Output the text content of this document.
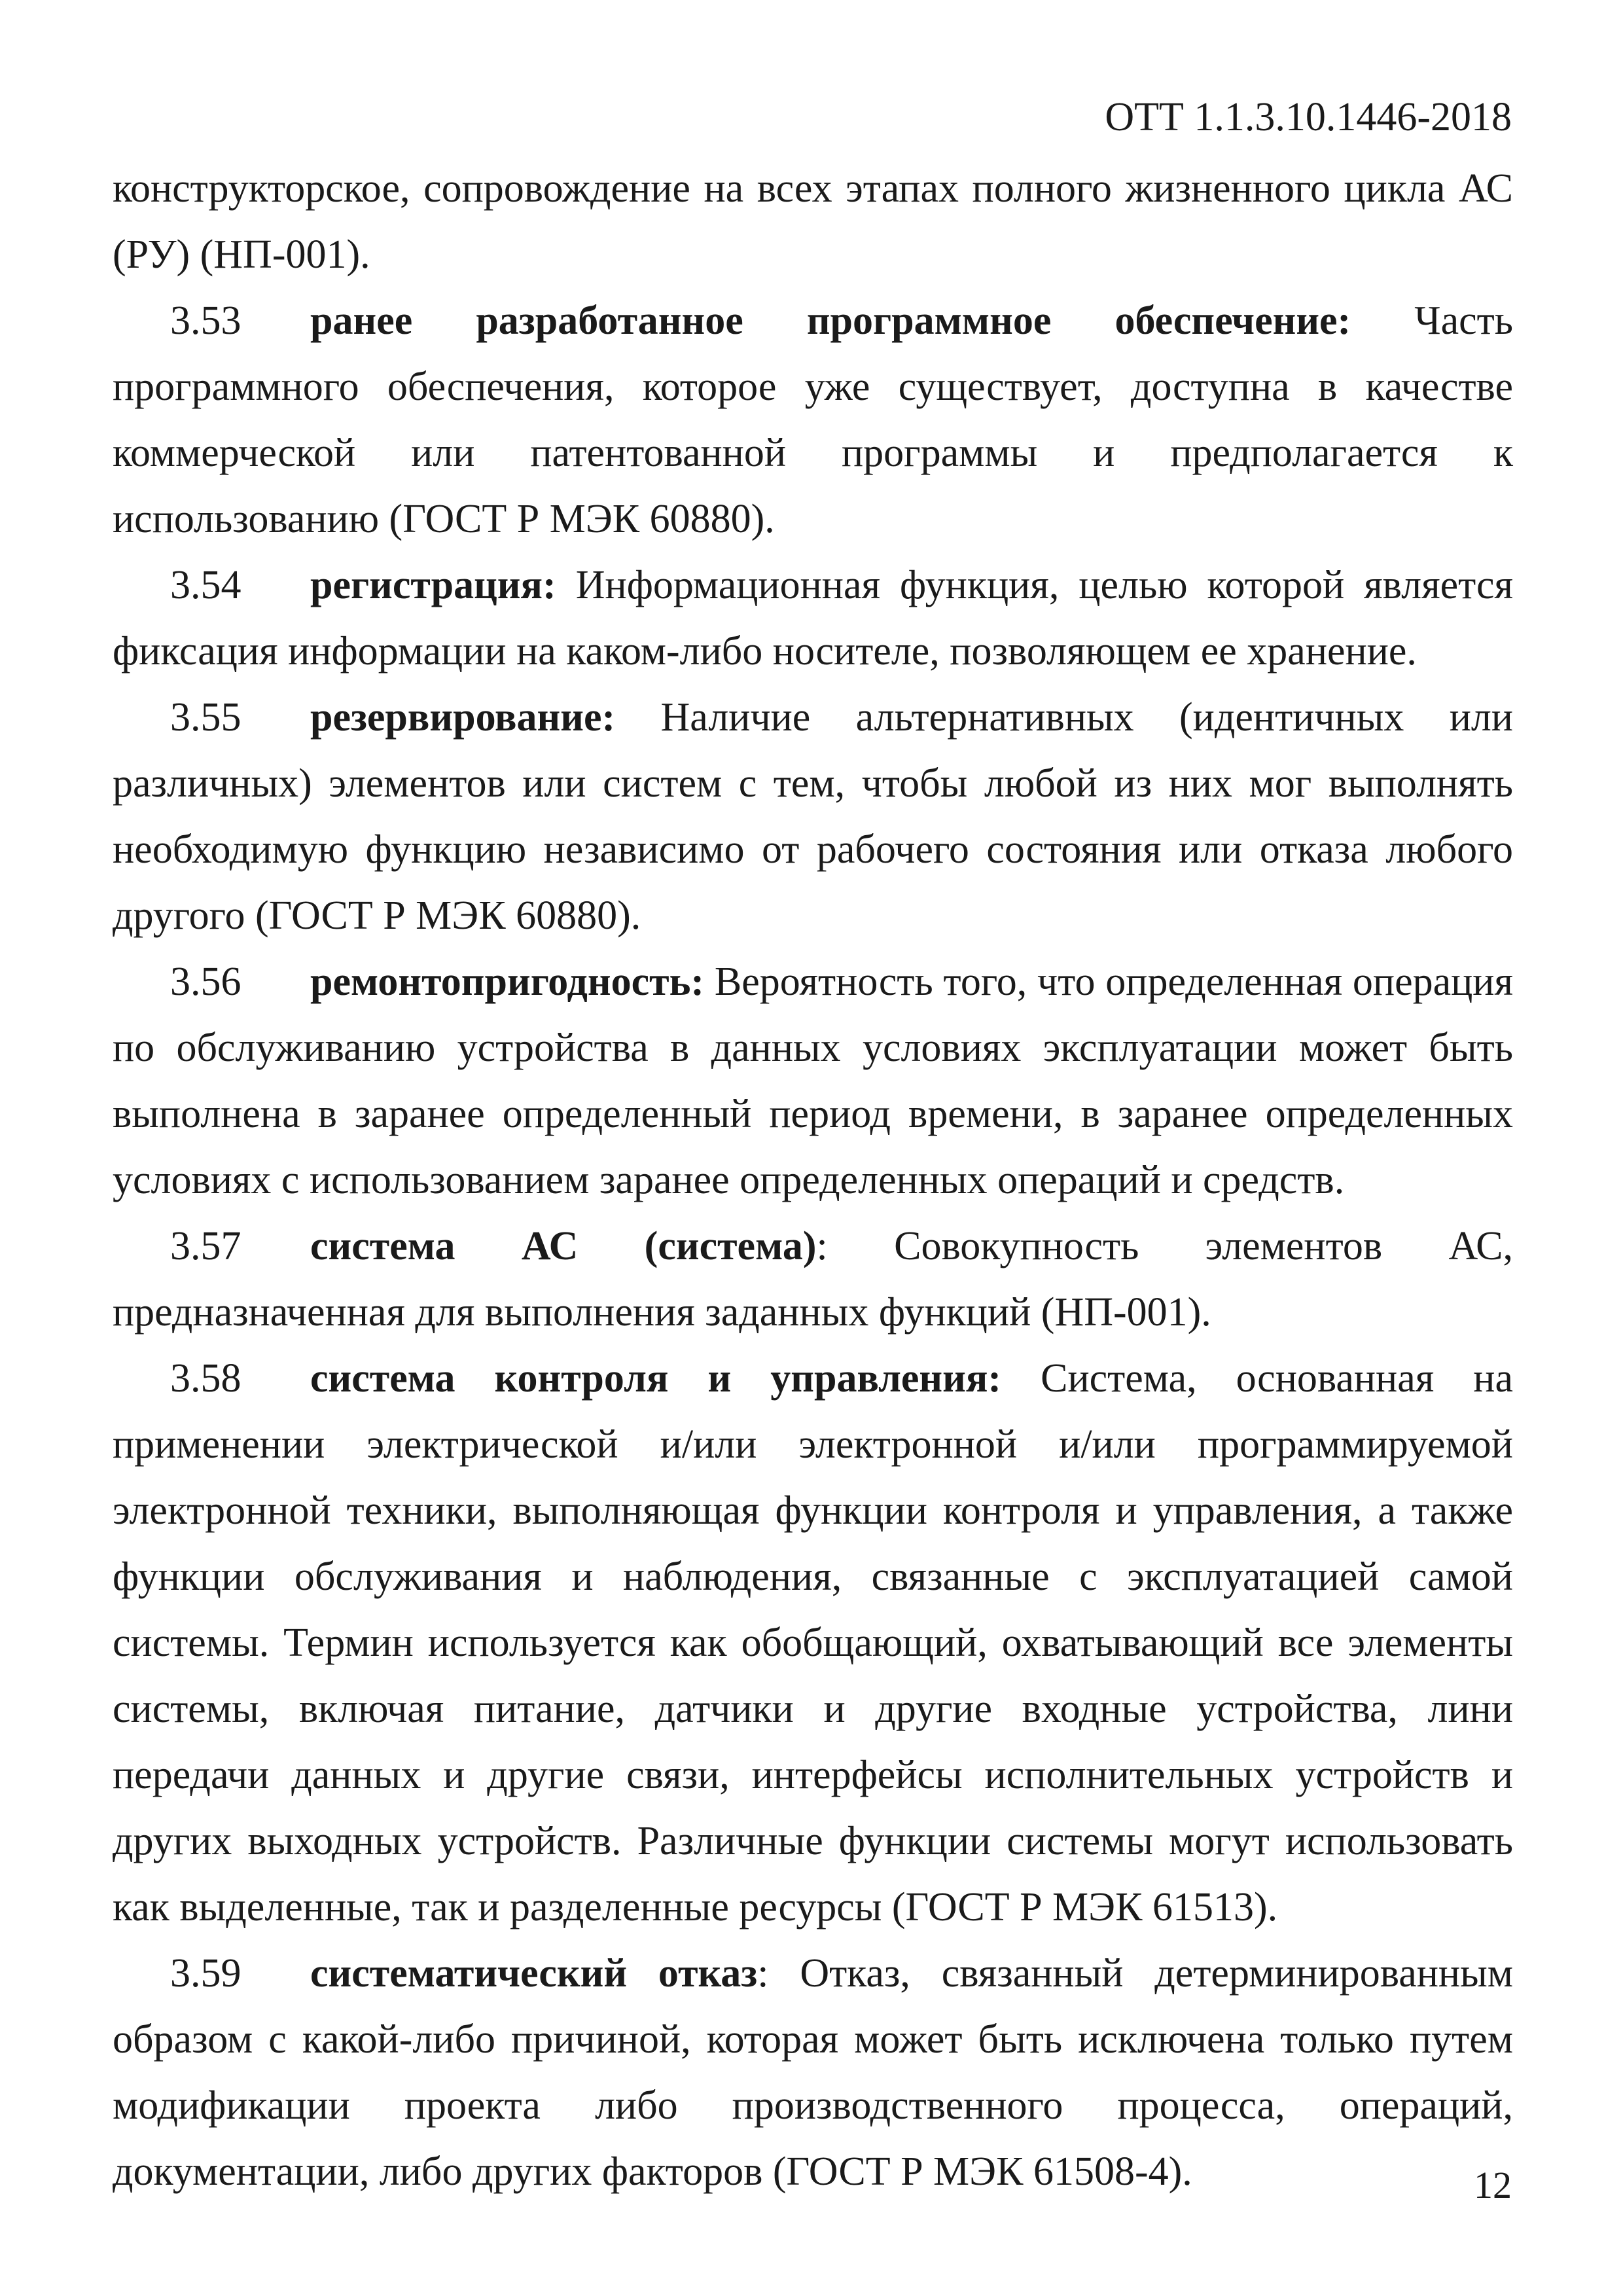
ОТТ 1.1.3.10.1446-2018

конструкторское, сопровождение на всех этапах полного жизненного цикла АС (РУ) (НП-001).

3.53 ранее разработанное программное обеспечение: Часть программного обеспечения, которое уже существует, доступна в качестве коммерческой или патентованной программы и предполагается к использованию (ГОСТ Р МЭК 60880).

3.54 регистрация: Информационная функция, целью которой является фиксация информации на каком-либо носителе, позволяющем ее хранение.

3.55 резервирование: Наличие альтернативных (идентичных или различных) элементов или систем с тем, чтобы любой из них мог выполнять необходимую функцию независимо от рабочего состояния или отказа любого другого (ГОСТ Р МЭК 60880).

3.56 ремонтопригодность: Вероятность того, что определенная операция по обслуживанию устройства в данных условиях эксплуатации может быть выполнена в заранее определенный период времени, в заранее определенных условиях с использованием заранее определенных операций и средств.

3.57 система АС (система): Совокупность элементов АС, предназначенная для выполнения заданных функций (НП-001).

3.58 система контроля и управления: Система, основанная на применении электрической и/или электронной и/или программируемой электронной техники, выполняющая функции контроля и управления, а также функции обслуживания и наблюдения, связанные с эксплуатацией самой системы. Термин используется как обобщающий, охватывающий все элементы системы, включая питание, датчики и другие входные устройства, лини передачи данных и другие связи, интерфейсы исполнительных устройств и других выходных устройств. Различные функции системы могут использовать как выделенные, так и разделенные ресурсы (ГОСТ Р МЭК 61513).

3.59 систематический отказ: Отказ, связанный детерминированным образом с какой-либо причиной, которая может быть исключена только путем модификации проекта либо производственного процесса, операций, документации, либо других факторов (ГОСТ Р МЭК 61508-4).	12
